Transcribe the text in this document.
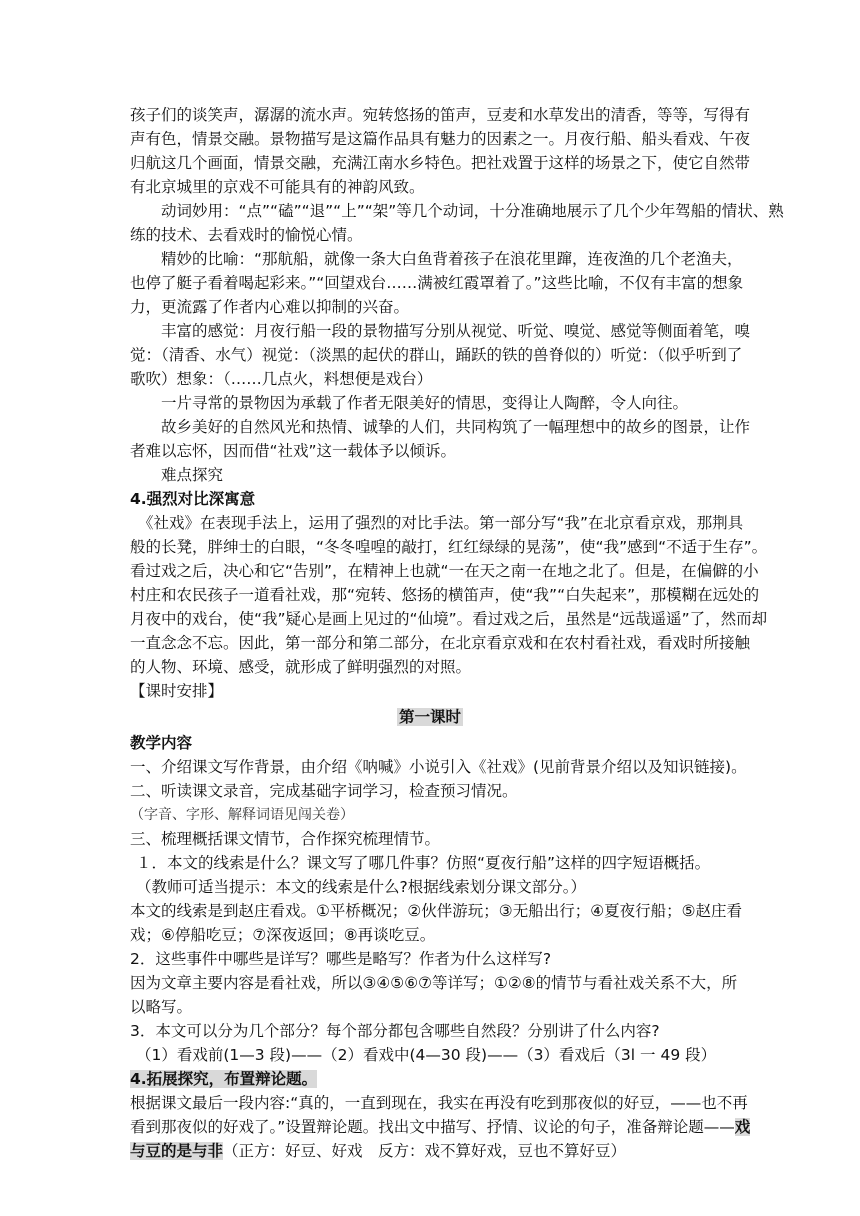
孩子们的谈笑声，潺潺的流水声。宛转悠扬的笛声，豆麦和水草发出的清香，等等，写得有
声有色，情景交融。景物描写是这篇作品具有魅力的因素之一。月夜行船、船头看戏、午夜
归航这几个画面，情景交融，充满江南水乡特色。把社戏置于这样的场景之下，使它自然带
有北京城里的京戏不可能具有的神韵风致。
动词妙用：“点”“磕”“退”“上”“架”等几个动词，十分准确地展示了几个少年驾船的情状、熟
练的技术、去看戏时的愉悦心情。
精妙的比喻：“那航船，就像一条大白鱼背着孩子在浪花里蹿，连夜渔的几个老渔夫，
也停了艇子看着喝起彩来。”“回望戏台……满被红霞罩着了。”这些比喻，不仅有丰富的想象
力，更流露了作者内心难以抑制的兴奋。
丰富的感觉：月夜行船一段的景物描写分别从视觉、听觉、嗅觉、感觉等侧面着笔，嗅
觉：（清香、水气）视觉：（淡黑的起伏的群山，踊跃的铁的兽脊似的）听觉：（似乎听到了
歌吹）想象：（……几点火，料想便是戏台）
一片寻常的景物因为承载了作者无限美好的情思，变得让人陶醉，令人向往。
故乡美好的自然风光和热情、诚挚的人们，共同构筑了一幅理想中的故乡的图景，让作
者难以忘怀，因而借“社戏”这一载体予以倾诉。
难点探究
4.强烈对比深寓意
《社戏》在表现手法上，运用了强烈的对比手法。第一部分写“我”在北京看京戏，那荆具
般的长凳，胖绅士的白眼，“冬冬喤喤的敲打，红红绿绿的晃荡”，使“我”感到“不适于生存”。
看过戏之后，决心和它“告别”，在精神上也就“一在天之南一在地之北了。但是，在偏僻的小
村庄和农民孩子一道看社戏，那“宛转、悠扬的横笛声，使“我”“白失起来”，那模糊在远处的
月夜中的戏台，使“我”疑心是画上见过的“仙境”。看过戏之后，虽然是“远哉遥遥”了，然而却
一直念念不忘。因此，第一部分和第二部分，在北京看京戏和在农村看社戏，看戏时所接触
的人物、环境、感受，就形成了鲜明强烈的对照。
【课时安排】
第一课时
教学内容
一、介绍课文写作背景，由介绍《呐喊》小说引入《社戏》(见前背景介绍以及知识链接)。
二、听读课文录音，完成基础字词学习，检查预习情况。
（字音、字形、解释词语见闯关卷）
三、梳理概括课文情节，合作探究梳理情节。
１．本文的线索是什么？课文写了哪几件事？仿照“夏夜行船”这样的四字短语概括。
（教师可适当提示：本文的线索是什么?根据线索划分课文部分。）
本文的线索是到赵庄看戏。①平桥概况；②伙伴游玩；③无船出行；④夏夜行船；⑤赵庄看
戏；⑥停船吃豆；⑦深夜返回；⑧再谈吃豆。
2．这些事件中哪些是详写？哪些是略写？作者为什么这样写?
因为文章主要内容是看社戏，所以③④⑤⑥⑦等详写；①②⑧的情节与看社戏关系不大，所
以略写。
3．本文可以分为几个部分？每个部分都包含哪些自然段？分别讲了什么内容?
（1）看戏前(1—3 段)——（2）看戏中(4—30 段)——（3）看戏后（3l 一 49 段）
4.拓展探究，布置辩论题。
根据课文最后一段内容:“真的，一直到现在，我实在再没有吃到那夜似的好豆，——也不再
看到那夜似的好戏了。”设置辩论题。找出文中描写、抒情、议论的句子，准备辩论题——戏
与豆的是与非（正方：好豆、好戏　反方：戏不算好戏，豆也不算好豆）
